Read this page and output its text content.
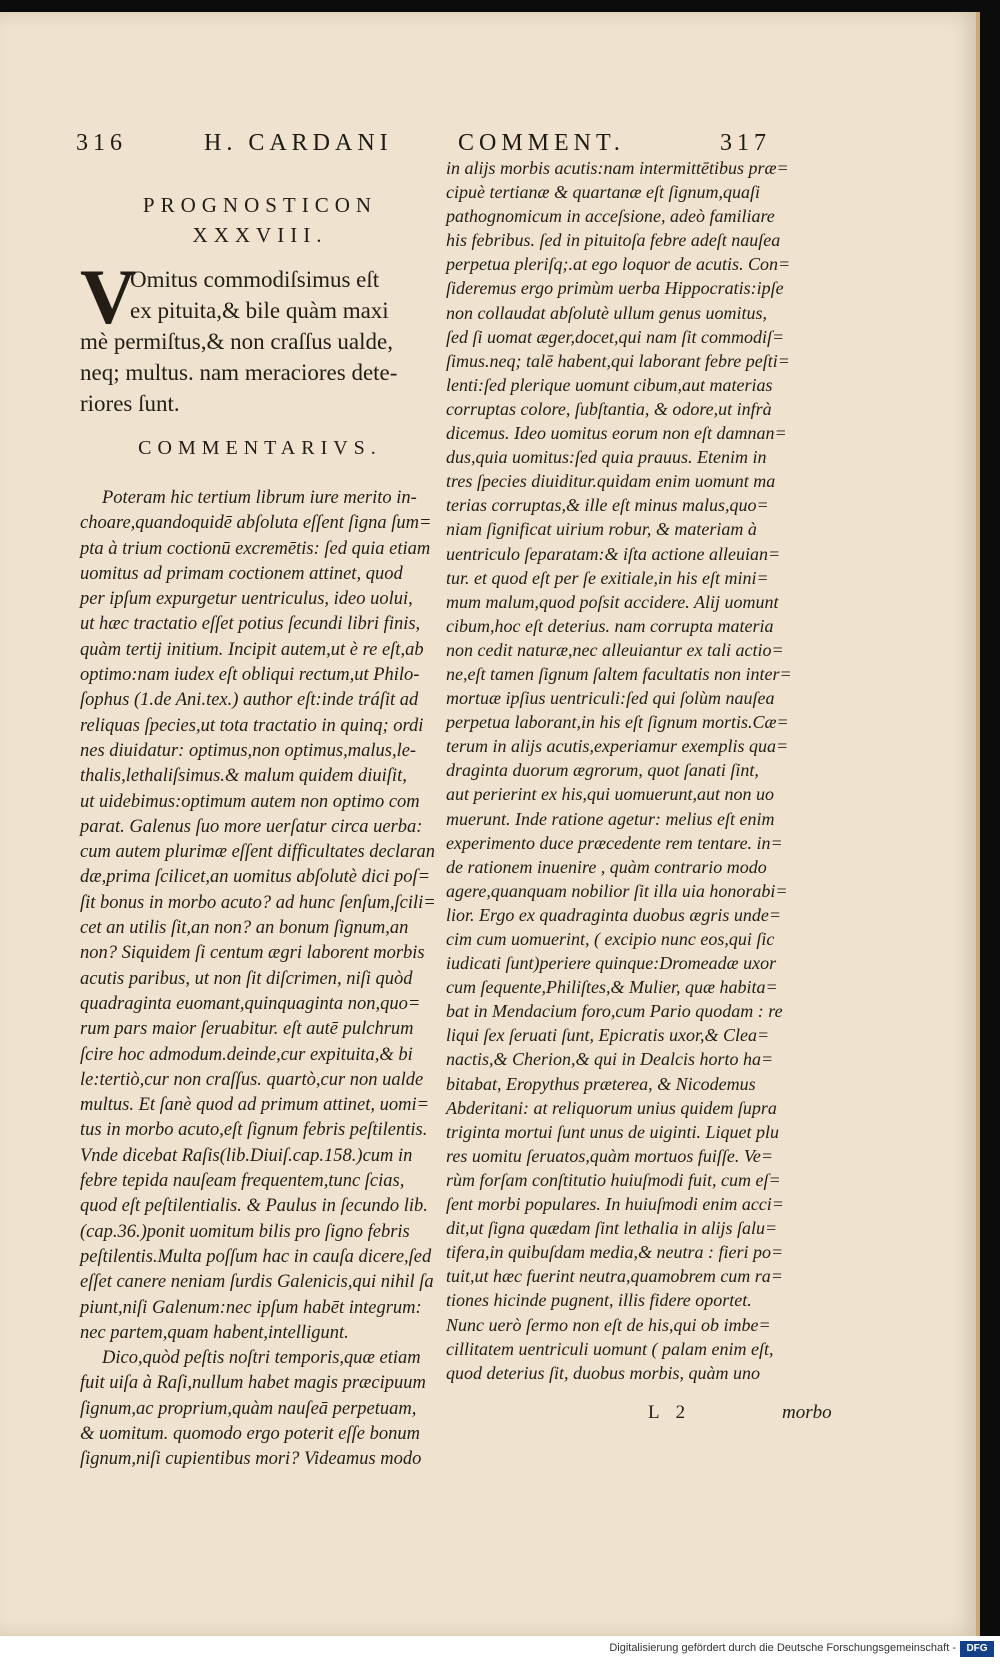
316	H. CARDANI	COMMENT.	317
PROGNOSTICON
XXXVIII.
V
Omitus commodiſsimus eſt
ex pituita,& bile quàm maxi
mè permiſtus,& non craſſus ualde,
neq; multus. nam meraciores dete-
riores ſunt.
COMMENTARIVS.
Poteram hic tertium librum iure merito in-
choare,quandoquidē abſoluta eſſent ſigna ſum=
pta à trium coctionū excremētis: ſed quia etiam
uomitus ad primam coctionem attinet, quod
per ipſum expurgetur uentriculus, ideo uolui,
ut hæc tractatio eſſet potius ſecundi libri finis,
quàm tertij initium. Incipit autem,ut è re eſt,ab
optimo:nam iudex eſt obliqui rectum,ut Philo-
ſophus (1.de Ani.tex.) author eſt:inde tráſit ad
reliquas ſpecies,ut tota tractatio in quinq; ordi
nes diuidatur: optimus,non optimus,malus,le-
thalis,lethaliſsimus.& malum quidem diuiſit,
ut uidebimus:optimum autem non optimo com
parat. Galenus ſuo more uerſatur circa uerba:
cum autem plurimæ eſſent difficultates declaran
dæ,prima ſcilicet,an uomitus abſolutè dici poſ=
ſit bonus in morbo acuto? ad hunc ſenſum,ſcili=
cet an utilis ſit,an non? an bonum ſignum,an
non? Siquidem ſi centum ægri laborent morbis
acutis paribus, ut non ſit diſcrimen, niſi quòd
quadraginta euomant,quinquaginta non,quo=
rum pars maior ſeruabitur. eſt autē pulchrum
ſcire hoc admodum.deinde,cur expituita,& bi
le:tertiò,cur non craſſus. quartò,cur non ualde
multus. Et ſanè quod ad primum attinet, uomi=
tus in morbo acuto,eſt ſignum febris peſtilentis.
Vnde dicebat Raſis(lib.Diuiſ.cap.158.)cum in
febre tepida nauſeam frequentem,tunc ſcias,
quod eſt peſtilentialis. & Paulus in ſecundo lib.
(cap.36.)ponit uomitum bilis pro ſigno febris
peſtilentis.Multa poſſum hac in cauſa dicere,ſed
eſſet canere neniam ſurdis Galenicis,qui nihil ſa
piunt,niſi Galenum:nec ipſum habēt integrum:
nec partem,quam habent,intelligunt.
Dico,quòd peſtis noſtri temporis,quæ etiam
fuit uiſa à Raſi,nullum habet magis præcipuum
ſignum,ac proprium,quàm nauſeā perpetuam,
& uomitum. quomodo ergo poterit eſſe bonum
ſignum,niſi cupientibus mori? Videamus modo
in alijs morbis acutis:nam intermittētibus præ=
cipuè tertianæ & quartanæ eſt ſignum,quaſi
pathognomicum in acceſsione, adeò familiare
his febribus. ſed in pituitoſa febre adeſt nauſea
perpetua pleriſq;.at ego loquor de acutis. Con=
ſideremus ergo primùm uerba Hippocratis:ipſe
non collaudat abſolutè ullum genus uomitus,
ſed ſi uomat æger,docet,qui nam ſit commodiſ=
ſimus.neq; talē habent,qui laborant febre peſti=
lenti:ſed plerique uomunt cibum,aut materias
corruptas colore, ſubſtantia, & odore,ut infrà
dicemus. Ideo uomitus eorum non eſt damnan=
dus,quia uomitus:ſed quia prauus. Etenim in
tres ſpecies diuiditur.quidam enim uomunt ma
terias corruptas,& ille eſt minus malus,quo=
niam ſignificat uirium robur, & materiam à
uentriculo ſeparatam:& iſta actione alleuian=
tur. et quod eſt per ſe exitiale,in his eſt mini=
mum malum,quod poſsit accidere. Alij uomunt
cibum,hoc eſt deterius. nam corrupta materia
non cedit naturæ,nec alleuiantur ex tali actio=
ne,eſt tamen ſignum ſaltem facultatis non inter=
mortuæ ipſius uentriculi:ſed qui ſolùm nauſea
perpetua laborant,in his eſt ſignum mortis.Cæ=
terum in alijs acutis,experiamur exemplis qua=
draginta duorum ægrorum, quot ſanati ſint,
aut perierint ex his,qui uomuerunt,aut non uo
muerunt. Inde ratione agetur: melius eſt enim
experimento duce præcedente rem tentare. in=
de rationem inuenire , quàm contrario modo
agere,quanquam nobilior ſit illa uia honorabi=
lior. Ergo ex quadraginta duobus ægris unde=
cim cum uomuerint, ( excipio nunc eos,qui ſic
iudicati ſunt)periere quinque:Dromeadæ uxor
cum ſequente,Philiſtes,& Mulier, quæ habita=
bat in Mendacium foro,cum Pario quodam : re
liqui ſex ſeruati ſunt, Epicratis uxor,& Clea=
nactis,& Cherion,& qui in Dealcis horto ha=
bitabat, Eropythus præterea, & Nicodemus
Abderitani: at reliquorum unius quidem ſupra
triginta mortui ſunt unus de uiginti. Liquet plu
res uomitu ſeruatos,quàm mortuos fuiſſe. Ve=
rùm forſam conſtitutio huiuſmodi fuit, cum eſ=
ſent morbi populares. In huiuſmodi enim acci=
dit,ut ſigna quædam ſint lethalia in alijs ſalu=
tifera,in quibuſdam media,& neutra : fieri po=
tuit,ut hæc fuerint neutra,quamobrem cum ra=
tiones hicinde pugnent, illis fidere oportet.
Nunc uerò ſermo non eſt de his,qui ob imbe=
cillitatem uentriculi uomunt ( palam enim eſt,
quod deterius ſit, duobus morbis, quàm uno
L 2	morbo
Digitalisierung gefördert durch die Deutsche Forschungsgemeinschaft -	DFG
